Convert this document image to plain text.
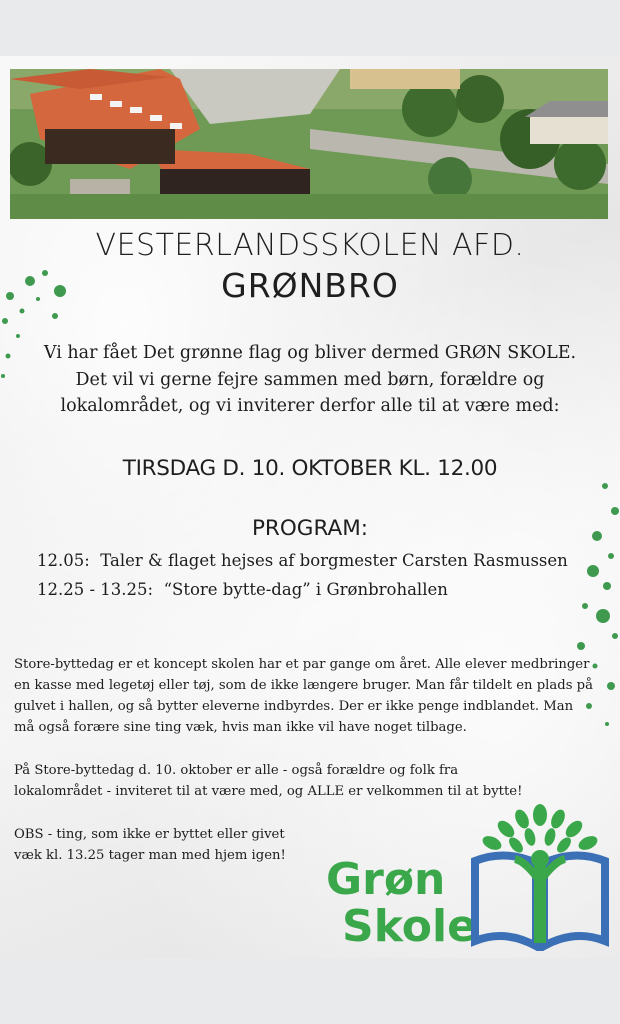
VESTERLANDSSKOLEN AFD.
GRØNBRO
Vi har fået Det grønne flag og bliver dermed GRØN SKOLE.
Det vil vi gerne fejre sammen med børn, forældre og
lokalområdet, og vi inviterer derfor alle til at være med:
TIRSDAG D. 10. OKTOBER KL. 12.00
PROGRAM:
12.05: Taler & flaget hejses af borgmester Carsten Rasmussen
12.25 - 13.25: “Store bytte-dag” i Grønbrohallen
Store-byttedag er et koncept skolen har et par gange om året. Alle elever medbringer
en kasse med legetøj eller tøj, som de ikke længere bruger. Man får tildelt en plads på
gulvet i hallen, og så bytter eleverne indbyrdes. Der er ikke penge indblandet. Man
må også forære sine ting væk, hvis man ikke vil have noget tilbage.
På Store-byttedag d. 10. oktober er alle - også forældre og folk fra
lokalområdet - inviteret til at være med, og ALLE er velkommen til at bytte!
OBS - ting, som ikke er byttet eller givet
væk kl. 13.25 tager man med hjem igen! Grøn
Skole
